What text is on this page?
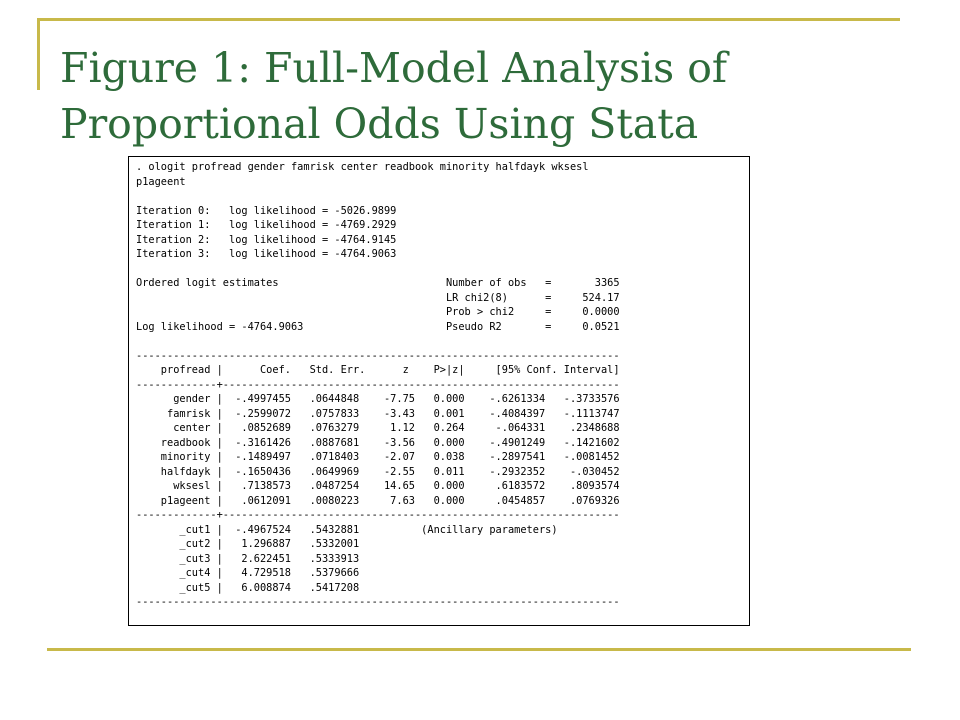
Figure 1: Full-Model Analysis of
Proportional Odds Using Stata
. ologit profread gender famrisk center readbook minority halfdayk wksesl
p1ageent
Iteration 0:   log likelihood = -5026.9899
Iteration 1:   log likelihood = -4769.2929
Iteration 2:   log likelihood = -4764.9145
Iteration 3:   log likelihood = -4764.9063
Ordered logit estimates                           Number of obs   =       3365
LR chi2(8)      =     524.17
Prob > chi2     =     0.0000
Log likelihood = -4764.9063                       Pseudo R2       =     0.0521
------------------------------------------------------------------------------
profread |      Coef.   Std. Err.      z    P>|z|     [95% Conf. Interval]
-------------+----------------------------------------------------------------
gender |  -.4997455   .0644848    -7.75   0.000    -.6261334   -.3733576
famrisk |  -.2599072   .0757833    -3.43   0.001    -.4084397   -.1113747
center |   .0852689   .0763279     1.12   0.264     -.064331    .2348688
readbook |  -.3161426   .0887681    -3.56   0.000    -.4901249   -.1421602
minority |  -.1489497   .0718403    -2.07   0.038    -.2897541   -.0081452
halfdayk |  -.1650436   .0649969    -2.55   0.011    -.2932352    -.030452
wksesl |   .7138573   .0487254    14.65   0.000     .6183572    .8093574
p1ageent |   .0612091   .0080223     7.63   0.000     .0454857    .0769326
-------------+----------------------------------------------------------------
_cut1 |  -.4967524   .5432881          (Ancillary parameters)
_cut2 |   1.296887   .5332001
_cut3 |   2.622451   .5333913
_cut4 |   4.729518   .5379666
_cut5 |   6.008874   .5417208
------------------------------------------------------------------------------
